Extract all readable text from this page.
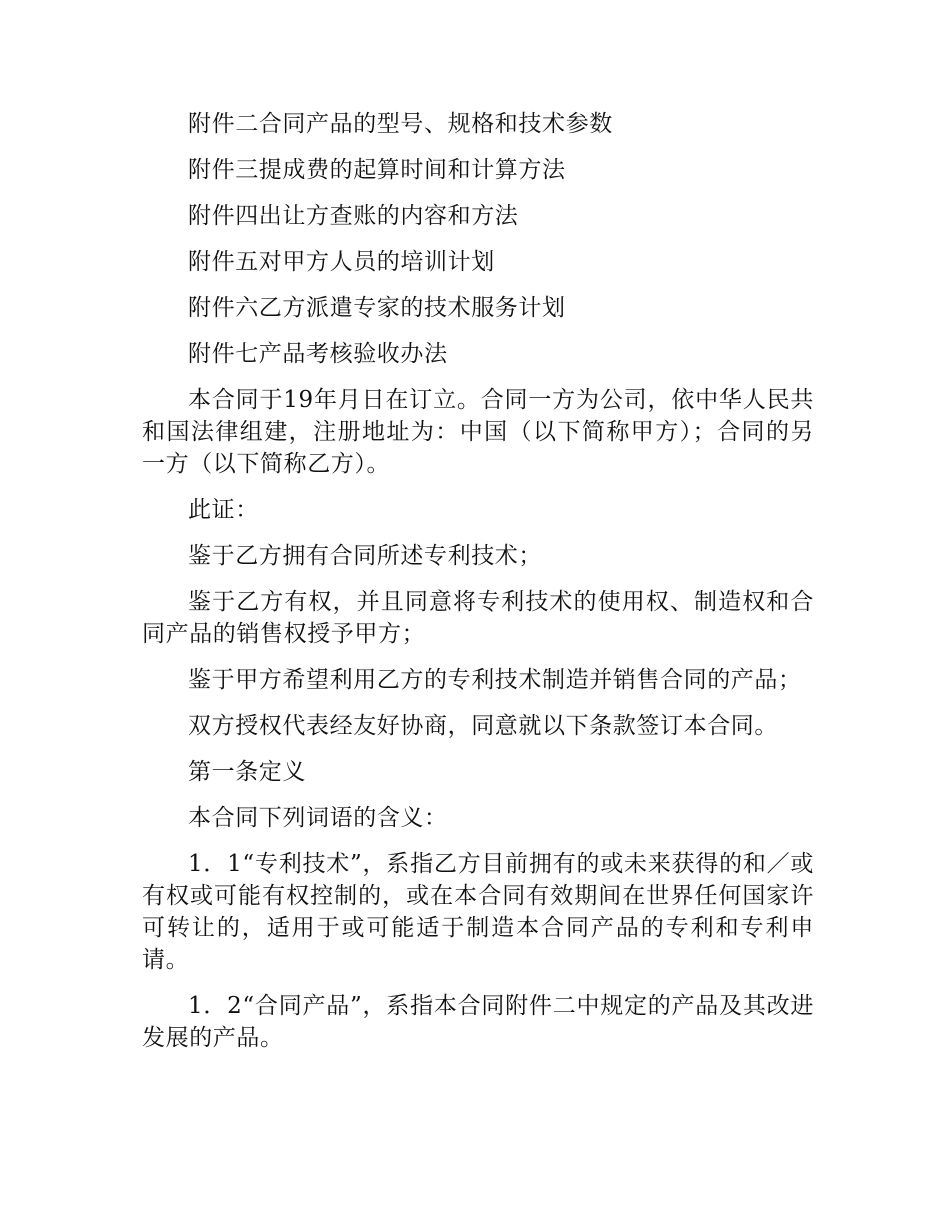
附件二合同产品的型号、规格和技术参数

附件三提成费的起算时间和计算方法

附件四出让方查账的内容和方法

附件五对甲方人员的培训计划

附件六乙方派遣专家的技术服务计划

附件七产品考核验收办法

本合同于19年月日在订立。合同一方为公司，依中华人民共和国法律组建，注册地址为：中国（以下简称甲方）；合同的另一方（以下简称乙方）。

此证：

鉴于乙方拥有合同所述专利技术；

鉴于乙方有权，并且同意将专利技术的使用权、制造权和合同产品的销售权授予甲方；

鉴于甲方希望利用乙方的专利技术制造并销售合同的产品；

双方授权代表经友好协商，同意就以下条款签订本合同。

第一条定义

本合同下列词语的含义：

1．1“专利技术”，系指乙方目前拥有的或未来获得的和／或有权或可能有权控制的，或在本合同有效期间在世界任何国家许可转让的，适用于或可能适于制造本合同产品的专利和专利申请。

1．2“合同产品”，系指本合同附件二中规定的产品及其改进发展的产品。
